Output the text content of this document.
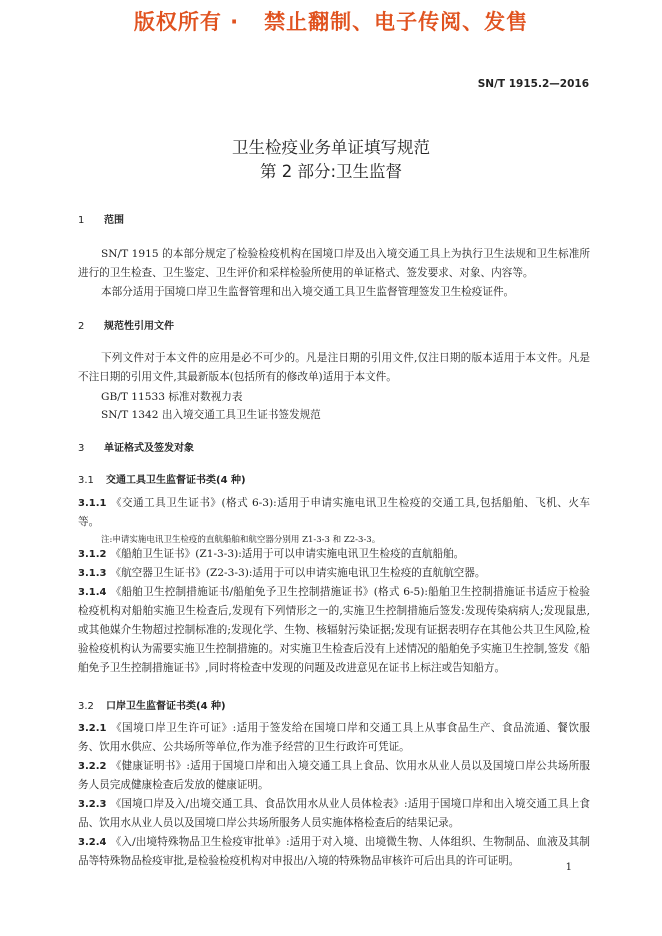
版权所有 ·   禁止翻制、电子传阅、发售
SN/T 1915.2—2016
卫生检疫业务单证填写规范
第 2 部分:卫生监督
1 范围
SN/T 1915 的本部分规定了检验检疫机构在国境口岸及出入境交通工具上为执行卫生法规和卫生标准所进行的卫生检查、卫生鉴定、卫生评价和采样检验所使用的单证格式、签发要求、对象、内容等。
本部分适用于国境口岸卫生监督管理和出入境交通工具卫生监督管理签发卫生检疫证件。
2 规范性引用文件
下列文件对于本文件的应用是必不可少的。凡是注日期的引用文件,仅注日期的版本适用于本文件。凡是不注日期的引用文件,其最新版本(包括所有的修改单)适用于本文件。
GB/T 11533 标准对数视力表
SN/T 1342 出入境交通工具卫生证书签发规范
3 单证格式及签发对象
3.1 交通工具卫生监督证书类(4 种)
3.1.1 《交通工具卫生证书》(格式 6-3):适用于申请实施电讯卫生检疫的交通工具,包括船舶、飞机、火车等。
注:申请实施电讯卫生检疫的直航船舶和航空器分别用 Z1-3-3 和 Z2-3-3。
3.1.2 《船舶卫生证书》(Z1-3-3):适用于可以申请实施电讯卫生检疫的直航船舶。
3.1.3 《航空器卫生证书》(Z2-3-3):适用于可以申请实施电讯卫生检疫的直航航空器。
3.1.4 《船舶卫生控制措施证书/船舶免予卫生控制措施证书》(格式 6-5):船舶卫生控制措施证书适应于检验检疫机构对船舶实施卫生检查后,发现有下列情形之一的,实施卫生控制措施后签发:发现传染病病人;发现鼠患,或其他媒介生物超过控制标准的;发现化学、生物、核辐射污染证据;发现有证据表明存在其他公共卫生风险,检验检疫机构认为需要实施卫生控制措施的。对实施卫生检查后没有上述情况的船舶免予实施卫生控制,签发《船舶免予卫生控制措施证书》,同时将检查中发现的问题及改进意见在证书上标注或告知船方。
3.2 口岸卫生监督证书类(4 种)
3.2.1 《国境口岸卫生许可证》:适用于签发给在国境口岸和交通工具上从事食品生产、食品流通、餐饮服务、饮用水供应、公共场所等单位,作为准予经营的卫生行政许可凭证。
3.2.2 《健康证明书》:适用于国境口岸和出入境交通工具上食品、饮用水从业人员以及国境口岸公共场所服务人员完成健康检查后发放的健康证明。
3.2.3 《国境口岸及入/出境交通工具、食品饮用水从业人员体检表》:适用于国境口岸和出入境交通工具上食品、饮用水从业人员以及国境口岸公共场所服务人员实施体格检查后的结果记录。
3.2.4 《入/出境特殊物品卫生检疫审批单》:适用于对入境、出境微生物、人体组织、生物制品、血液及其制品等特殊物品检疫审批,是检验检疫机构对申报出/入境的特殊物品审核许可后出具的许可证明。
1
